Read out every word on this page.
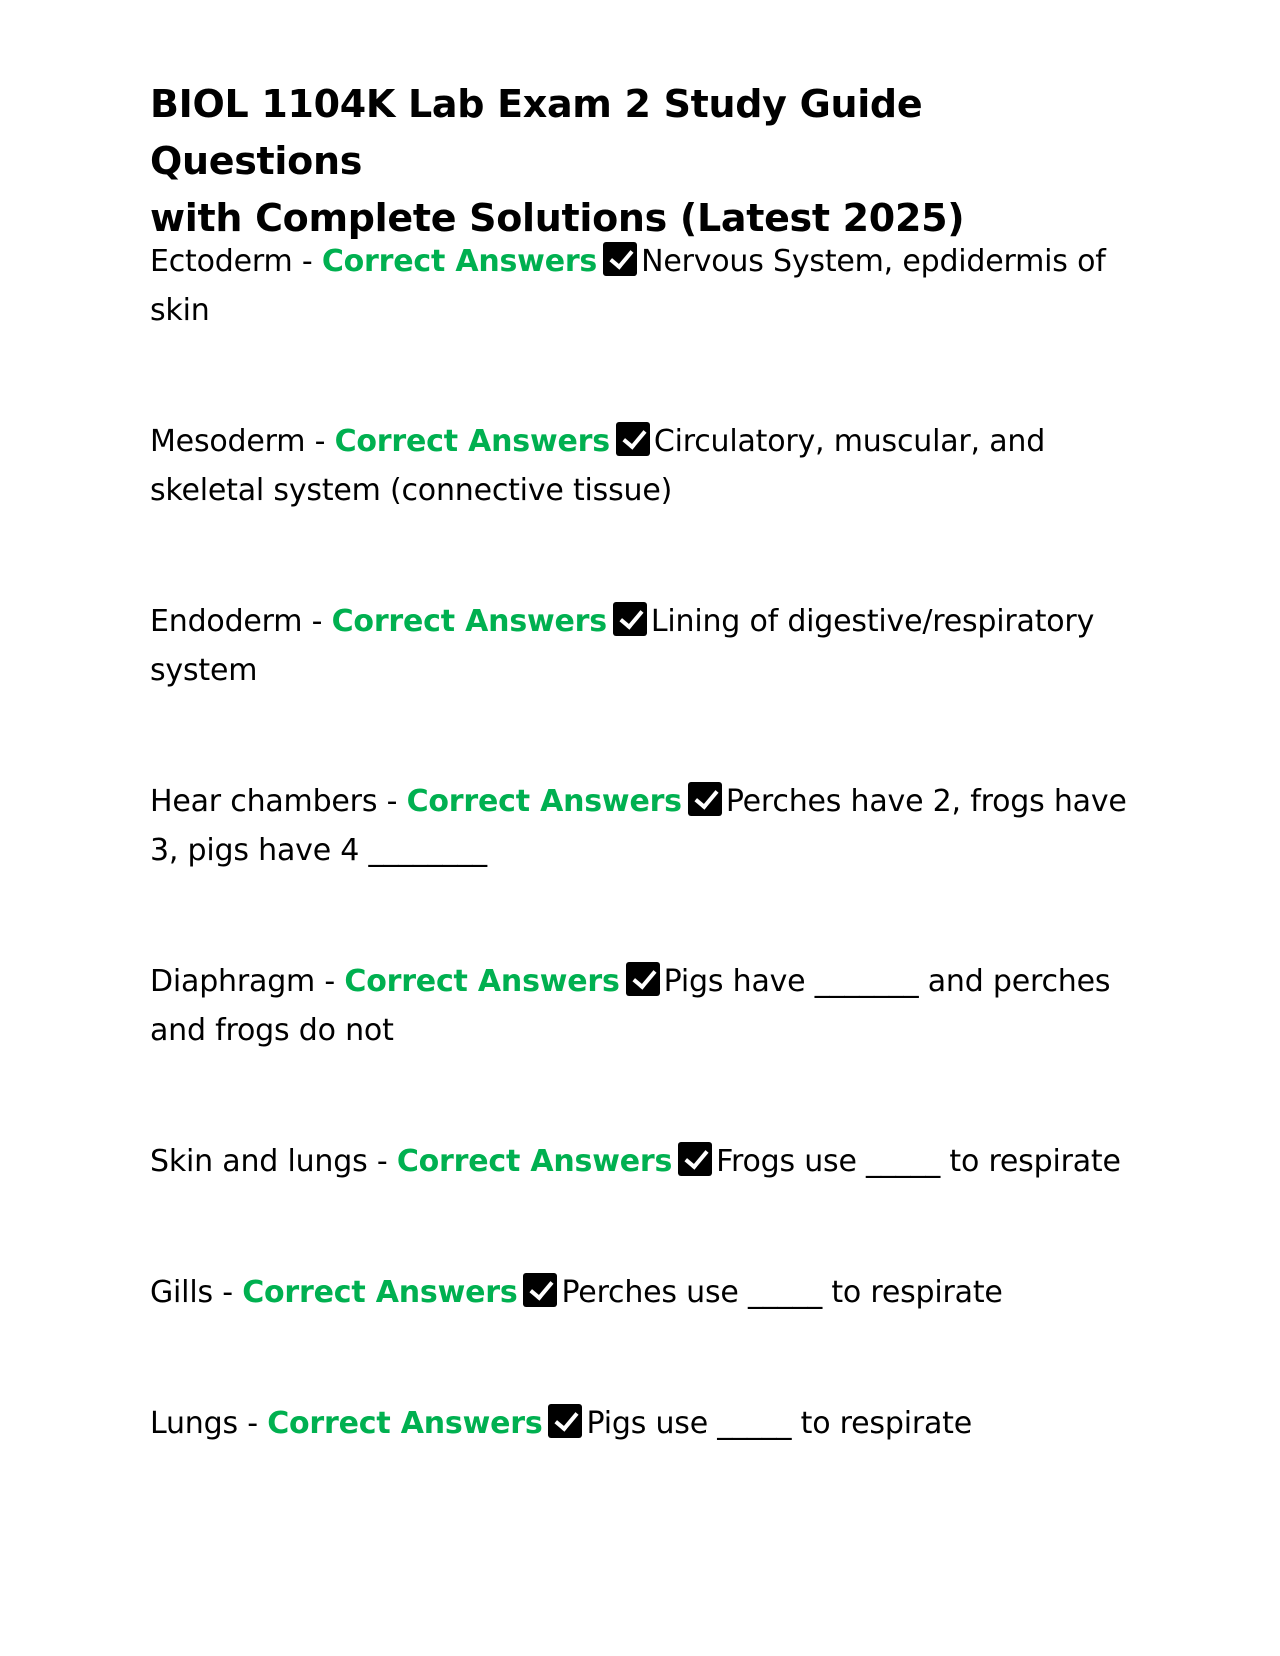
BIOL 1104K Lab Exam 2 Study Guide Questions
with Complete Solutions (Latest 2025)

Ectoderm - Correct Answers Nervous System, epdidermis of skin

Mesoderm - Correct Answers Circulatory, muscular, and skeletal system (connective tissue)

Endoderm - Correct Answers Lining of digestive/respiratory system

Hear chambers - Correct Answers Perches have 2, frogs have 3, pigs have 4 ________

Diaphragm - Correct Answers Pigs have _______ and perches and frogs do not

Skin and lungs - Correct Answers Frogs use _____ to respirate

Gills - Correct Answers Perches use _____ to respirate

Lungs - Correct Answers Pigs use _____ to respirate
